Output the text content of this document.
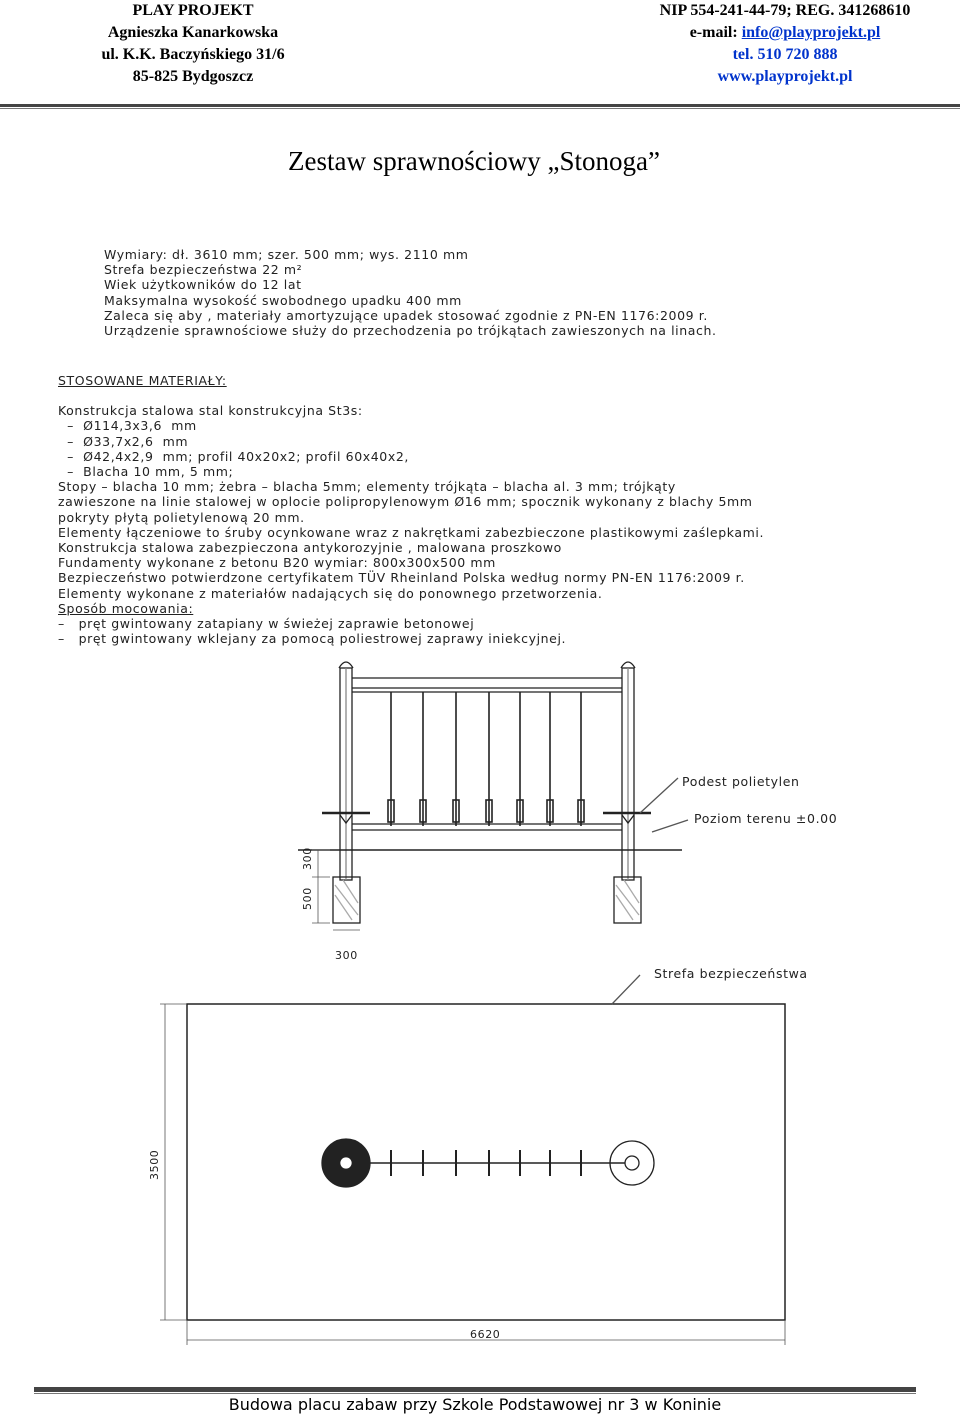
PLAY PROJEKT
Agnieszka Kanarkowska
ul. K.K. Baczyńskiego 31/6
85-825 Bydgoszcz
NIP 554-241-44-79; REG. 341268610
e-mail: info@playprojekt.pl
tel. 510 720 888
www.playprojekt.pl
Zestaw sprawnościowy „Stonoga”
Wymiary: dł. 3610 mm; szer. 500 mm; wys. 2110 mm
Strefa bezpieczeństwa 22 m²
Wiek użytkowników do 12 lat
Maksymalna wysokość swobodnego upadku 400 mm
Zaleca się aby , materiały amortyzujące upadek stosować zgodnie z PN-EN 1176:2009 r.
Urządzenie sprawnościowe służy do przechodzenia po trójkątach zawieszonych na linach.
STOSOWANE MATERIAŁY:
Konstrukcja stalowa stal konstrukcyjna St3s:
–  Ø114,3x3,6  mm
–  Ø33,7x2,6  mm
–  Ø42,4x2,9  mm; profil 40x20x2; profil 60x40x2,
–  Blacha 10 mm, 5 mm;
Stopy – blacha 10 mm; żebra – blacha 5mm; elementy trójkąta – blacha al. 3 mm; trójkąty
zawieszone na linie stalowej w oplocie polipropylenowym Ø16 mm; spocznik wykonany z blachy 5mm
pokryty płytą polietylenową 20 mm.
Elementy łączeniowe to śruby ocynkowane wraz z nakrętkami zabezbieczone plastikowymi zaślepkami.
Konstrukcja stalowa zabezpieczona antykorozyjnie , malowana proszkowo
Fundamenty wykonane z betonu B20 wymiar: 800x300x500 mm
Bezpieczeństwo potwierdzone certyfikatem TÜV Rheinland Polska według normy PN-EN 1176:2009 r.
Elementy wykonane z materiałów nadających się do ponownego przetworzenia.
Sposób mocowania:
–   pręt gwintowany zatapiany w świeżej zaprawie betonowej
–   pręt gwintowany wklejany za pomocą poliestrowej zaprawy iniekcyjnej.
Podest polietylen
Poziom terenu ±0.00
300
500
300
Strefa bezpieczeństwa
3500
6620
Budowa placu zabaw przy Szkole Podstawowej nr 3 w Koninie
